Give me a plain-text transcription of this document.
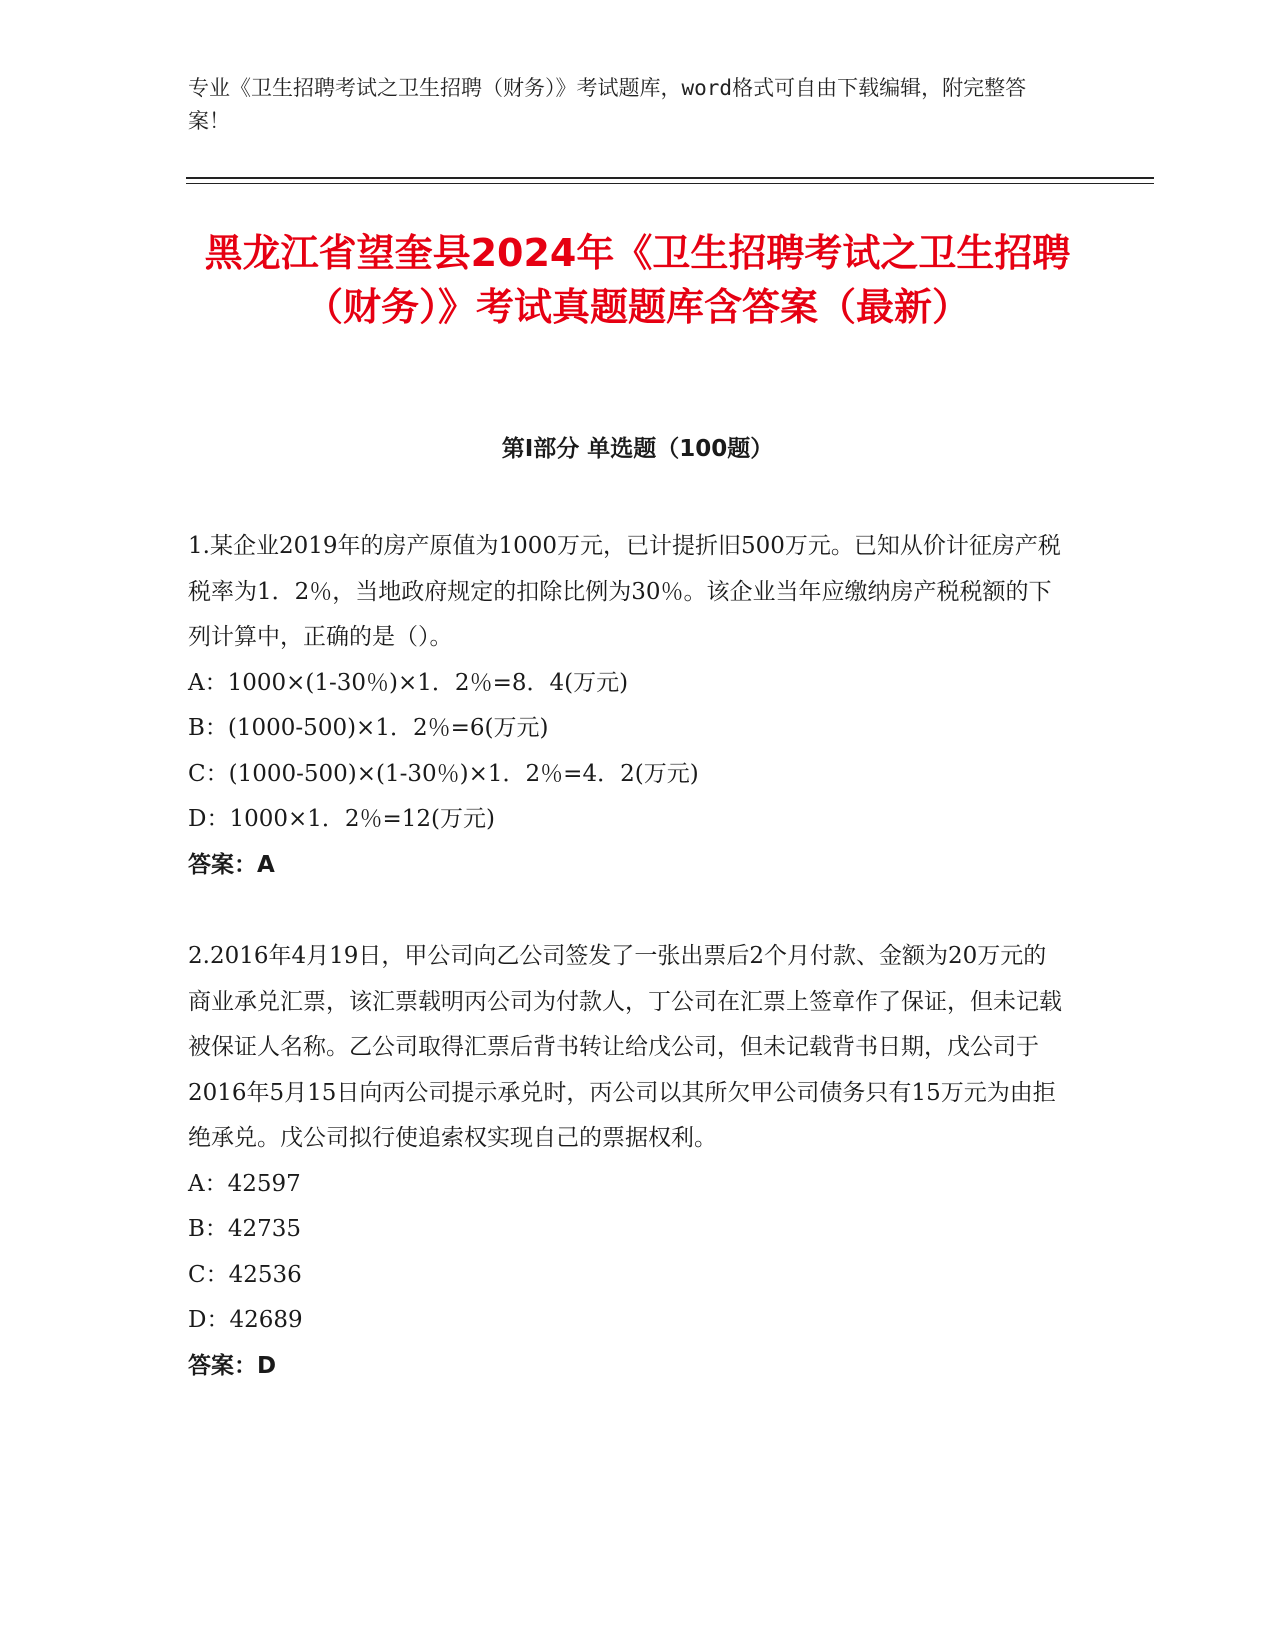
专业《卫生招聘考试之卫生招聘（财务）》考试题库，word格式可自由下载编辑，附完整答案！
黑龙江省望奎县2024年《卫生招聘考试之卫生招聘（财务）》考试真题题库含答案（最新）
第Ⅰ部分 单选题（100题）

1.某企业2019年的房产原值为1000万元，已计提折旧500万元。已知从价计征房产税税率为1．2％，当地政府规定的扣除比例为30％。该企业当年应缴纳房产税税额的下列计算中，正确的是（）。

A：1000×(1-30％)×1．2％=8．4(万元)

B：(1000-500)×1．2％=6(万元)

C：(1000-500)×(1-30％)×1．2％=4．2(万元)

D：1000×1．2％=12(万元)

答案：A

2.2016年4月19日，甲公司向乙公司签发了一张出票后2个月付款、金额为20万元的商业承兑汇票，该汇票载明丙公司为付款人，丁公司在汇票上签章作了保证，但未记载被保证人名称。乙公司取得汇票后背书转让给戊公司，但未记载背书日期，戊公司于2016年5月15日向丙公司提示承兑时，丙公司以其所欠甲公司债务只有15万元为由拒绝承兑。戊公司拟行使追索权实现自己的票据权利。

A：42597

B：42735

C：42536

D：42689

答案：D
